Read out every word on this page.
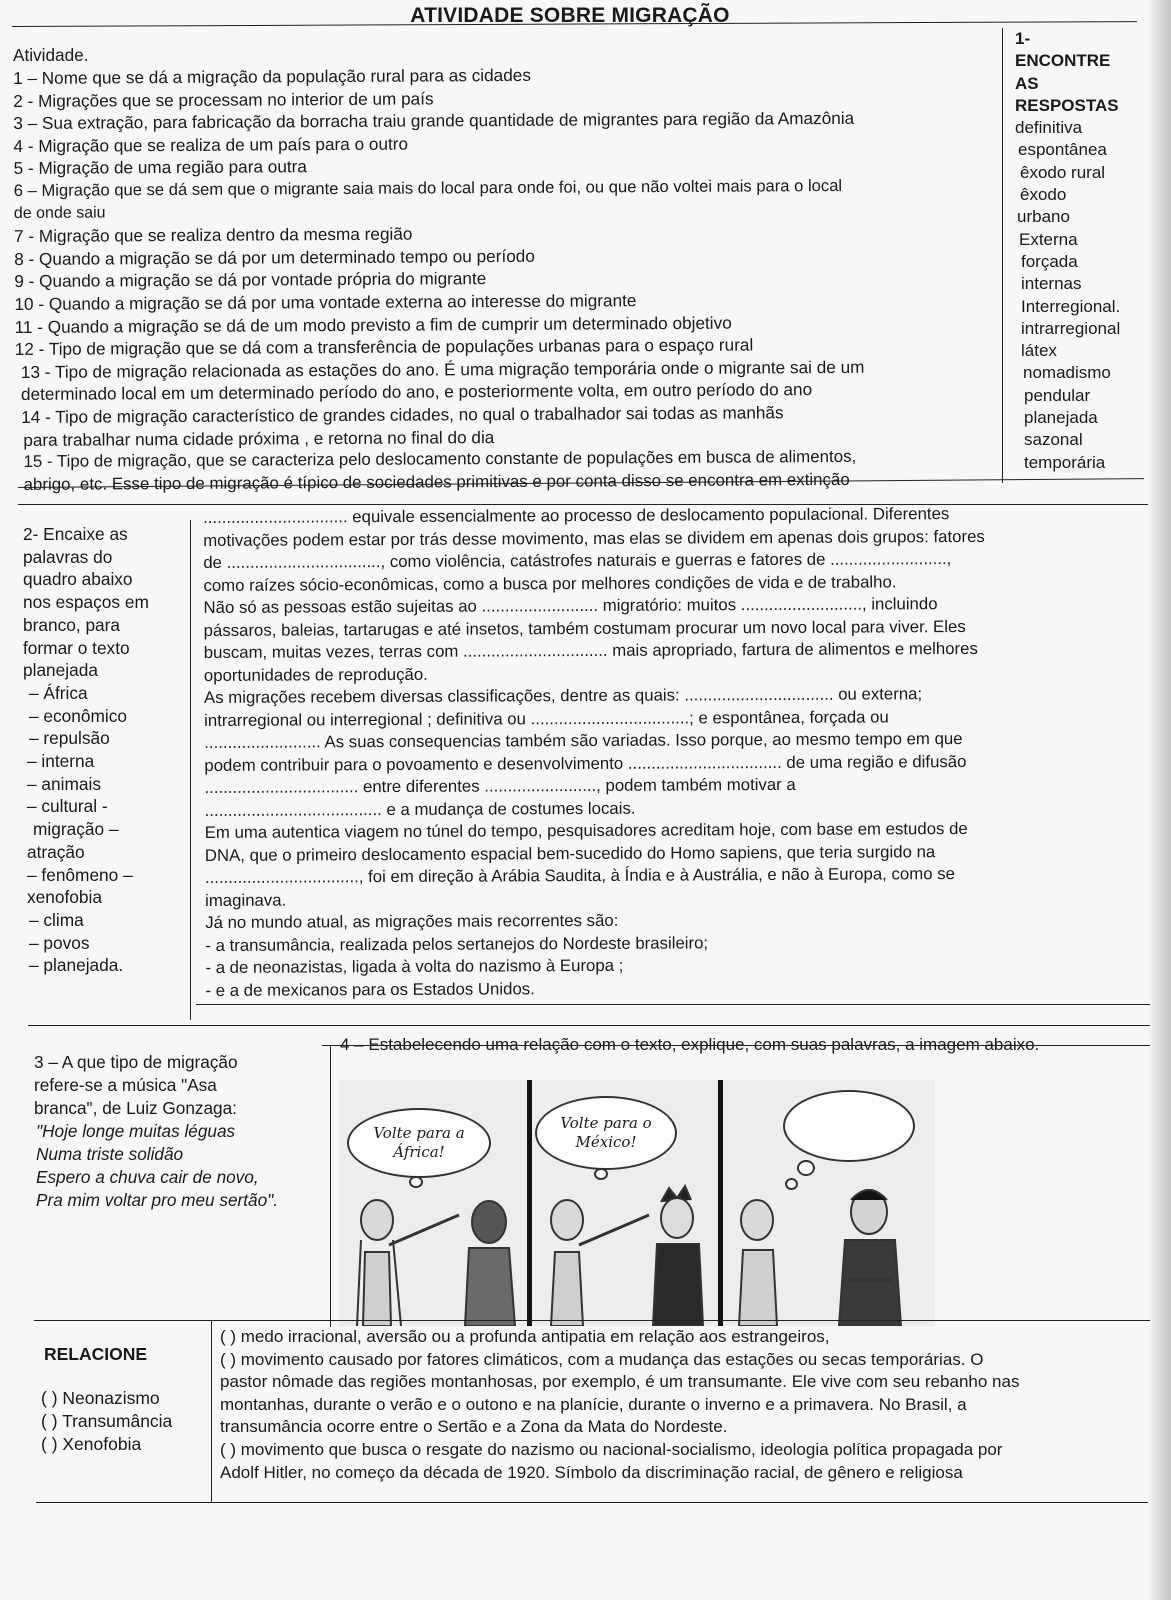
ATIVIDADE SOBRE MIGRAÇÃO
Atividade.
1 – Nome que se dá a migração da população rural para as cidades
2 - Migrações que se processam no interior de um país
3 – Sua extração, para fabricação da borracha traiu grande quantidade de migrantes para região da Amazônia
4 - Migração que se realiza de um país para o outro
5 - Migração de uma região para outra
6 – Migração que se dá sem que o migrante saia mais do local para onde foi, ou que não voltei mais para o local
de onde saiu
7 - Migração que se realiza dentro da mesma região
8 - Quando a migração se dá por um determinado tempo ou período
9 - Quando a migração se dá por vontade própria do migrante
10 - Quando a migração se dá por uma vontade externa ao interesse do migrante
11 - Quando a migração se dá de um modo previsto a fim de cumprir um determinado objetivo
12 - Tipo de migração que se dá com a transferência de populações urbanas para o espaço rural
13 - Tipo de migração relacionada as estações do ano. É uma migração temporária onde o migrante sai de um
determinado local em um determinado período do ano, e posteriormente volta, em outro período do ano
14 - Tipo de migração característico de grandes cidades, no qual o trabalhador sai todas as manhãs
para trabalhar numa cidade próxima , e retorna no final do dia
15 - Tipo de migração, que se caracteriza pelo deslocamento constante de populações em busca de alimentos,
abrigo, etc. Esse tipo de migração é típico de sociedades primitivas e por conta disso se encontra em extinção
1-
ENCONTRE
AS
RESPOSTAS
definitiva
espontânea
êxodo rural
êxodo
urbano
Externa
forçada
internas
Interregional.
intrarregional
látex
nomadismo
pendular
planejada
sazonal
temporária
2- Encaixe as
palavras do
quadro abaixo
nos espaços em
branco, para
formar o texto
planejada
– África
– econômico
– repulsão
– interna
– animais
– cultural -
migração –
atração
– fenômeno –
xenofobia
– clima
– povos
– planejada.
............................... equivale essencialmente ao processo de deslocamento populacional. Diferentes
motivações podem estar por trás desse movimento, mas elas se dividem em apenas dois grupos: fatores
de ................................., como violência, catástrofes naturais e guerras e fatores de .........................,
como raízes sócio-econômicas, como a busca por melhores condições de vida e de trabalho.
Não só as pessoas estão sujeitas ao ......................... migratório: muitos .........................., incluindo
pássaros, baleias, tartarugas e até insetos, também costumam procurar um novo local para viver. Eles
buscam, muitas vezes, terras com ............................... mais apropriado, fartura de alimentos e melhores
oportunidades de reprodução.
As migrações recebem diversas classificações, dentre as quais: ................................ ou externa;
intrarregional ou interregional ; definitiva ou ..................................; e espontânea, forçada ou
......................... As suas consequencias também são variadas. Isso porque, ao mesmo tempo em que
podem contribuir para o povoamento e desenvolvimento ................................. de uma região e difusão
................................. entre diferentes ........................, podem também motivar a
...................................... e a mudança de costumes locais.
Em uma autentica viagem no túnel do tempo, pesquisadores acreditam hoje, com base em estudos de
DNA, que o primeiro deslocamento espacial bem-sucedido do Homo sapiens, que teria surgido na
................................., foi em direção à Arábia Saudita, à Índia e à Austrália, e não à Europa, como se
imaginava.
Já no mundo atual, as migrações mais recorrentes são:
- a transumância, realizada pelos sertanejos do Nordeste brasileiro;
- a de neonazistas, ligada à volta do nazismo à Europa ;
- e a de mexicanos para os Estados Unidos.
3 – A que tipo de migração
refere-se a música "Asa
branca", de Luiz Gonzaga:
"Hoje longe muitas léguas
Numa triste solidão
Espero a chuva cair de novo,
Pra mim voltar pro meu sertão".
4 – Estabelecendo uma relação com o texto, explique, com suas palavras, a imagem abaixo.
Volte para a
África!
Volte para o
México!
RELACIONE
( ) Neonazismo
( ) Transumância
( ) Xenofobia
( ) medo irracional, aversão ou a profunda antipatia em relação aos estrangeiros,
( ) movimento causado por fatores climáticos, com a mudança das estações ou secas temporárias. O
pastor nômade das regiões montanhosas, por exemplo, é um transumante. Ele vive com seu rebanho nas
montanhas, durante o verão e o outono e na planície, durante o inverno e a primavera. No Brasil, a
transumância ocorre entre o Sertão e a Zona da Mata do Nordeste.
( ) movimento que busca o resgate do nazismo ou nacional-socialismo, ideologia política propagada por
Adolf Hitler, no começo da década de 1920. Símbolo da discriminação racial, de gênero e religiosa
